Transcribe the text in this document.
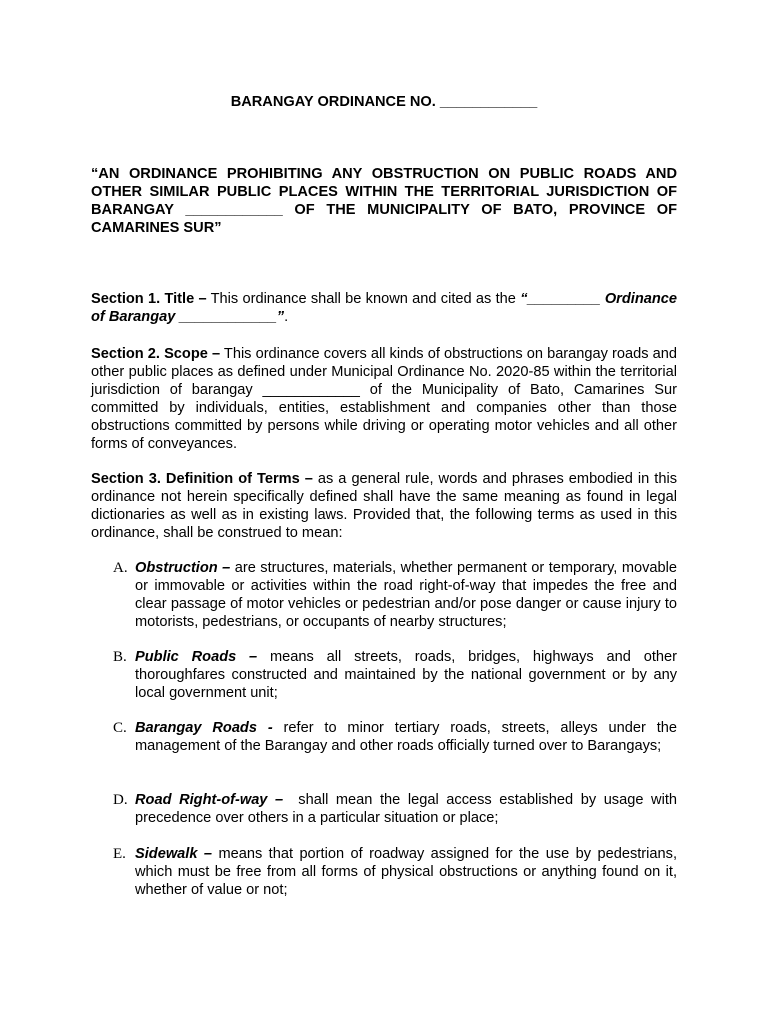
BARANGAY ORDINANCE NO. ____________

“AN ORDINANCE PROHIBITING ANY OBSTRUCTION ON PUBLIC ROADS AND OTHER SIMILAR PUBLIC PLACES WITHIN THE TERRITORIAL JURISDICTION OF BARANGAY ____________ OF THE MUNICIPALITY OF BATO, PROVINCE OF CAMARINES SUR”

Section 1. Title – This ordinance shall be known and cited as the “_________ Ordinance of Barangay ____________”.

Section 2. Scope – This ordinance covers all kinds of obstructions on barangay roads and other public places as defined under Municipal Ordinance No. 2020-85 within the territorial jurisdiction of barangay ____________ of the Municipality of Bato, Camarines Sur committed by individuals, entities, establishment and companies other than those obstructions committed by persons while driving or operating motor vehicles and all other forms of conveyances.

Section 3. Definition of Terms – as a general rule, words and phrases embodied in this ordinance not herein specifically defined shall have the same meaning as found in legal dictionaries as well as in existing laws. Provided that, the following terms as used in this ordinance, shall be construed to mean:

A. Obstruction – are structures, materials, whether permanent or temporary, movable or immovable or activities within the road right-of-way that impedes the free and clear passage of motor vehicles or pedestrian and/or pose danger or cause injury to motorists, pedestrians, or occupants of nearby structures;
B. Public Roads – means all streets, roads, bridges, highways and other thoroughfares constructed and maintained by the national government or by any local government unit;
C. Barangay Roads - refer to minor tertiary roads, streets, alleys under the management of the Barangay and other roads officially turned over to Barangays;
D. Road Right-of-way –  shall mean the legal access established by usage with precedence over others in a particular situation or place;
E. Sidewalk – means that portion of roadway assigned for the use by pedestrians, which must be free from all forms of physical obstructions or anything found on it, whether of value or not;
